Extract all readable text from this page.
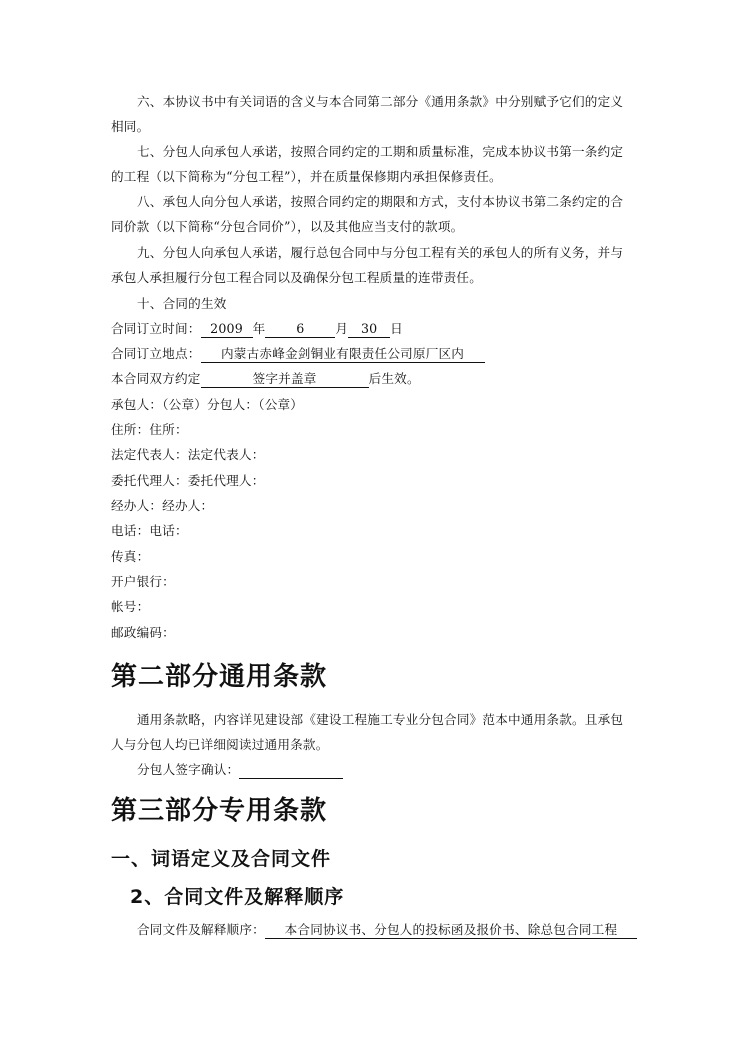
六、本协议书中有关词语的含义与本合同第二部分《通用条款》中分别赋予它们的定义
相同。
七、分包人向承包人承诺，按照合同约定的工期和质量标准，完成本协议书第一条约定
的工程（以下简称为“分包工程”），并在质量保修期内承担保修责任。
八、承包人向分包人承诺，按照合同约定的期限和方式，支付本协议书第二条约定的合
同价款（以下简称“分包合同价”），以及其他应当支付的款项。
九、分包人向承包人承诺，履行总包合同中与分包工程有关的承包人的所有义务，并与
承包人承担履行分包工程合同以及确保分包工程质量的连带责任。
十、合同的生效
合同订立时间： 2009 年 6 月 30 日
合同订立地点： 内蒙古赤峰金剑铜业有限责任公司原厂区内
本合同双方约定	签字并盖章	后生效。
承包人：（公章）分包人：（公章）
住所：住所：
法定代表人：法定代表人：
委托代理人：委托代理人：
经办人：经办人：
电话：电话：
传真：
开户银行：
帐号：
邮政编码：
第二部分通用条款
通用条款略，内容详见建设部《建设工程施工专业分包合同》范本中通用条款。且承包
人与分包人均已详细阅读过通用条款。
分包人签字确认：
第三部分专用条款
一、词语定义及合同文件
2、合同文件及解释顺序
合同文件及解释顺序： 本合同协议书、分包人的投标函及报价书、除总包合同工程
